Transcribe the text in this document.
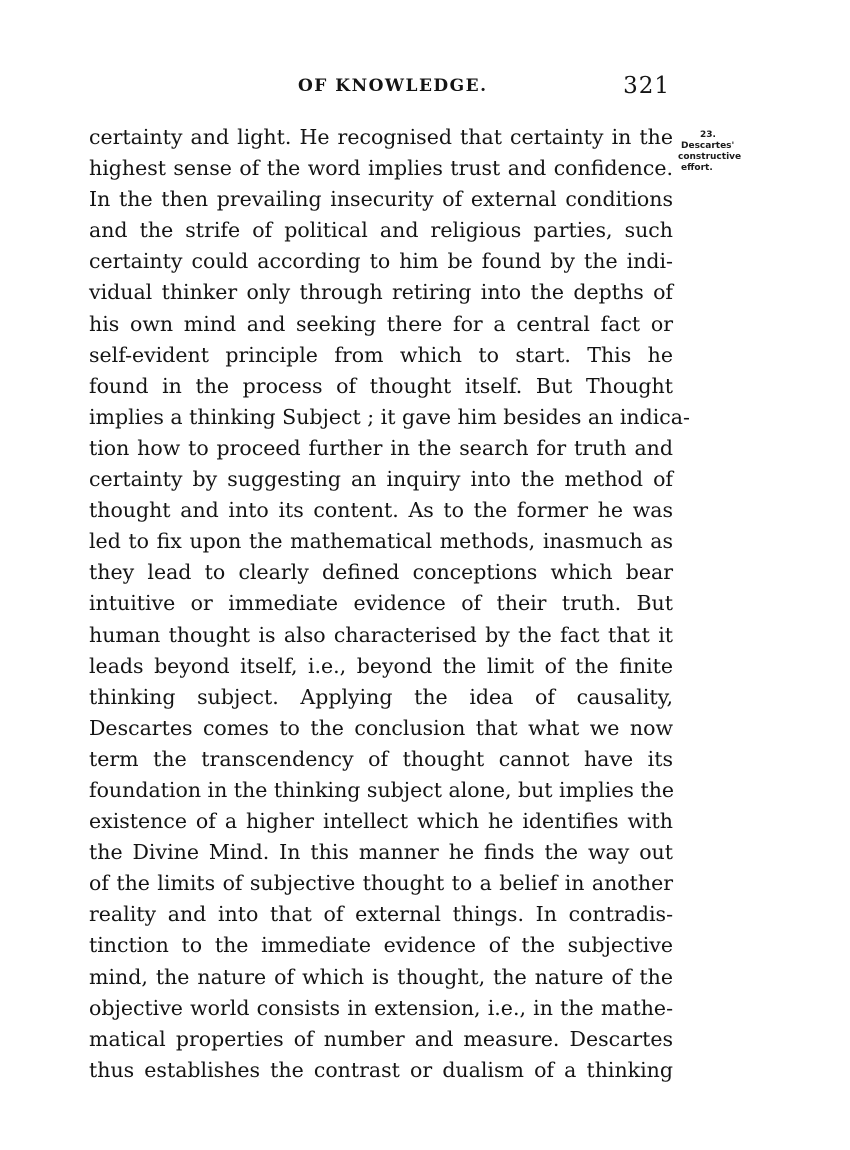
OF KNOWLEDGE.	321
certainty and light. He recognised that certainty in the
highest sense of the word implies trust and confidence.
In the then prevailing insecurity of external conditions
and the strife of political and religious parties, such
certainty could according to him be found by the indi-
vidual thinker only through retiring into the depths of
his own mind and seeking there for a central fact or
self-evident principle from which to start. This he
found in the process of thought itself. But Thought
implies a thinking Subject ; it gave him besides an indica-
tion how to proceed further in the search for truth and
certainty by suggesting an inquiry into the method of
thought and into its content. As to the former he was
led to fix upon the mathematical methods, inasmuch as
they lead to clearly defined conceptions which bear
intuitive or immediate evidence of their truth. But
human thought is also characterised by the fact that it
leads beyond itself, i.e., beyond the limit of the finite
thinking subject. Applying the idea of causality,
Descartes comes to the conclusion that what we now
term the transcendency of thought cannot have its
foundation in the thinking subject alone, but implies the
existence of a higher intellect which he identifies with
the Divine Mind. In this manner he finds the way out
of the limits of subjective thought to a belief in another
reality and into that of external things. In contradis-
tinction to the immediate evidence of the subjective
mind, the nature of which is thought, the nature of the
objective world consists in extension, i.e., in the mathe-
matical properties of number and measure. Descartes
thus establishes the contrast or dualism of a thinking
23.
Descartes'
constructive
effort.
